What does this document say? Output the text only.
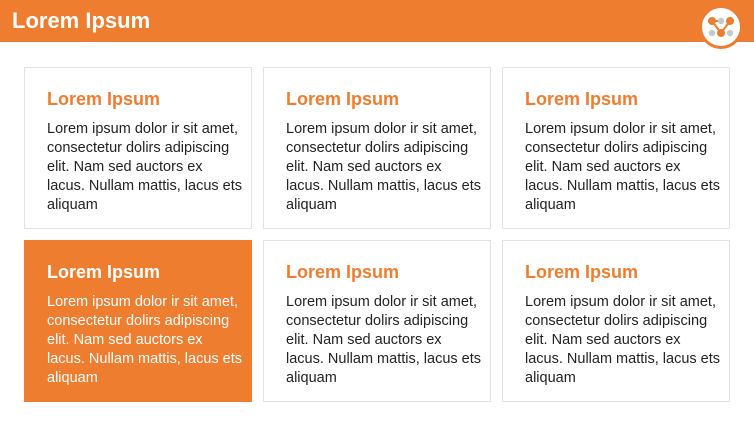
Lorem Ipsum
Lorem Ipsum
Lorem ipsum dolor ir sit amet, consectetur dolirs adipiscing elit. Nam sed auctors ex lacus. Nullam mattis, lacus ets aliquam
Lorem Ipsum
Lorem ipsum dolor ir sit amet, consectetur dolirs adipiscing elit. Nam sed auctors ex lacus. Nullam mattis, lacus ets aliquam
Lorem Ipsum
Lorem ipsum dolor ir sit amet, consectetur dolirs adipiscing elit. Nam sed auctors ex lacus. Nullam mattis, lacus ets aliquam
Lorem Ipsum
Lorem ipsum dolor ir sit amet, consectetur dolirs adipiscing elit. Nam sed auctors ex lacus. Nullam mattis, lacus ets aliquam
Lorem Ipsum
Lorem ipsum dolor ir sit amet, consectetur dolirs adipiscing elit. Nam sed auctors ex lacus. Nullam mattis, lacus ets aliquam
Lorem Ipsum
Lorem ipsum dolor ir sit amet, consectetur dolirs adipiscing elit. Nam sed auctors ex lacus. Nullam mattis, lacus ets aliquam
